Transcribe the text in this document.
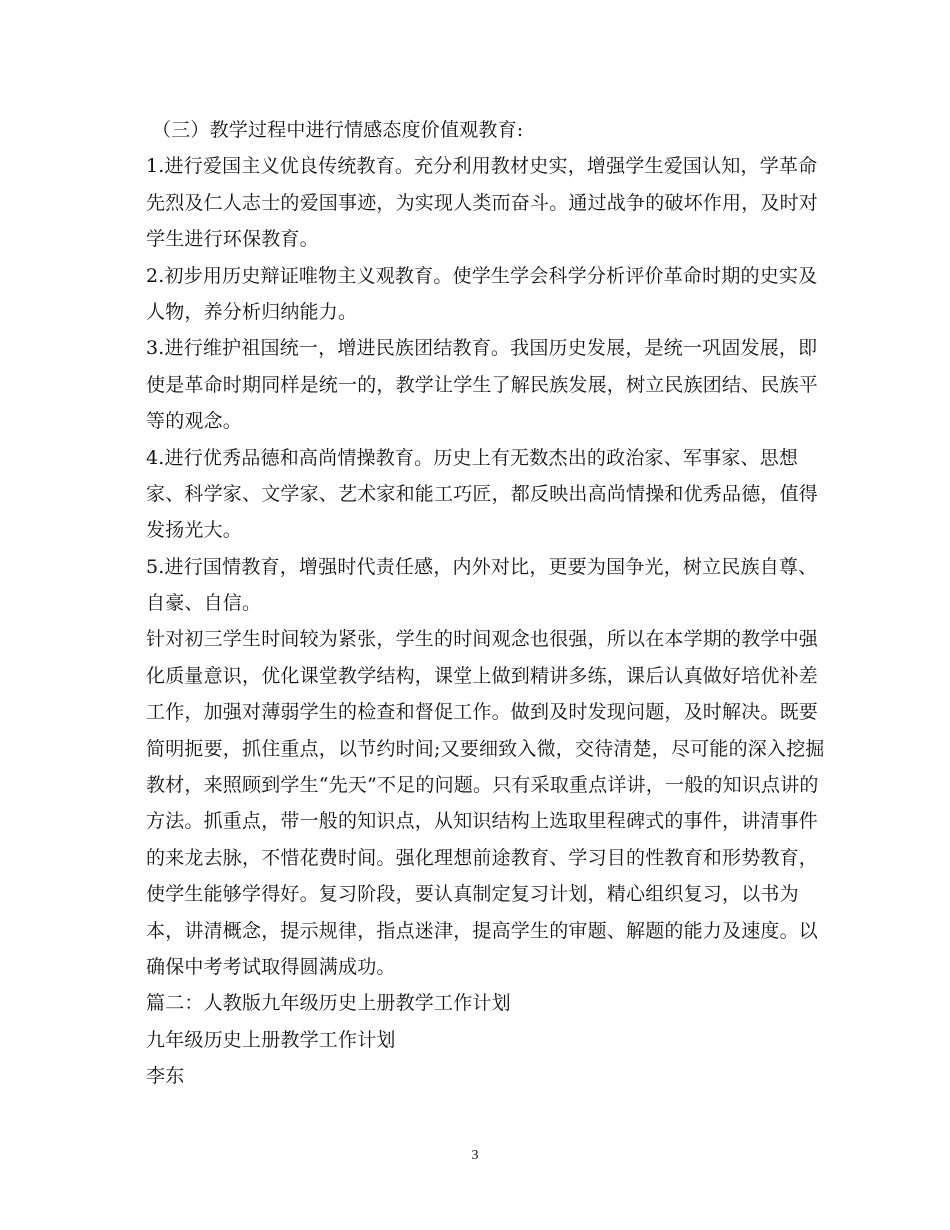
（三）教学过程中进行情感态度价值观教育:
1.进行爱国主义优良传统教育。充分利用教材史实，增强学生爱国认知，学革命
先烈及仁人志士的爱国事迹，为实现人类而奋斗。通过战争的破坏作用，及时对
学生进行环保教育。
2.初步用历史辩证唯物主义观教育。使学生学会科学分析评价革命时期的史实及
人物，养分析归纳能力。
3.进行维护祖国统一，增进民族团结教育。我国历史发展，是统一巩固发展，即
使是革命时期同样是统一的，教学让学生了解民族发展，树立民族团结、民族平
等的观念。
4.进行优秀品德和高尚情操教育。历史上有无数杰出的政治家、军事家、思想
家、科学家、文学家、艺术家和能工巧匠，都反映出高尚情操和优秀品德，值得
发扬光大。
5.进行国情教育，增强时代责任感，内外对比，更要为国争光，树立民族自尊、
自豪、自信。
针对初三学生时间较为紧张，学生的时间观念也很强，所以在本学期的教学中强
化质量意识，优化课堂教学结构，课堂上做到精讲多练，课后认真做好培优补差
工作，加强对薄弱学生的检查和督促工作。做到及时发现问题，及时解决。既要
简明扼要，抓住重点，以节约时间;又要细致入微，交待清楚，尽可能的深入挖掘
教材，来照顾到学生“先天”不足的问题。只有采取重点详讲，一般的知识点讲的
方法。抓重点，带一般的知识点，从知识结构上选取里程碑式的事件，讲清事件
的来龙去脉，不惜花费时间。强化理想前途教育、学习目的性教育和形势教育，
使学生能够学得好。复习阶段，要认真制定复习计划，精心组织复习，以书为
本，讲清概念，提示规律，指点迷津，提高学生的审题、解题的能力及速度。以
确保中考考试取得圆满成功。
篇二：人教版九年级历史上册教学工作计划
九年级历史上册教学工作计划
李东
3
